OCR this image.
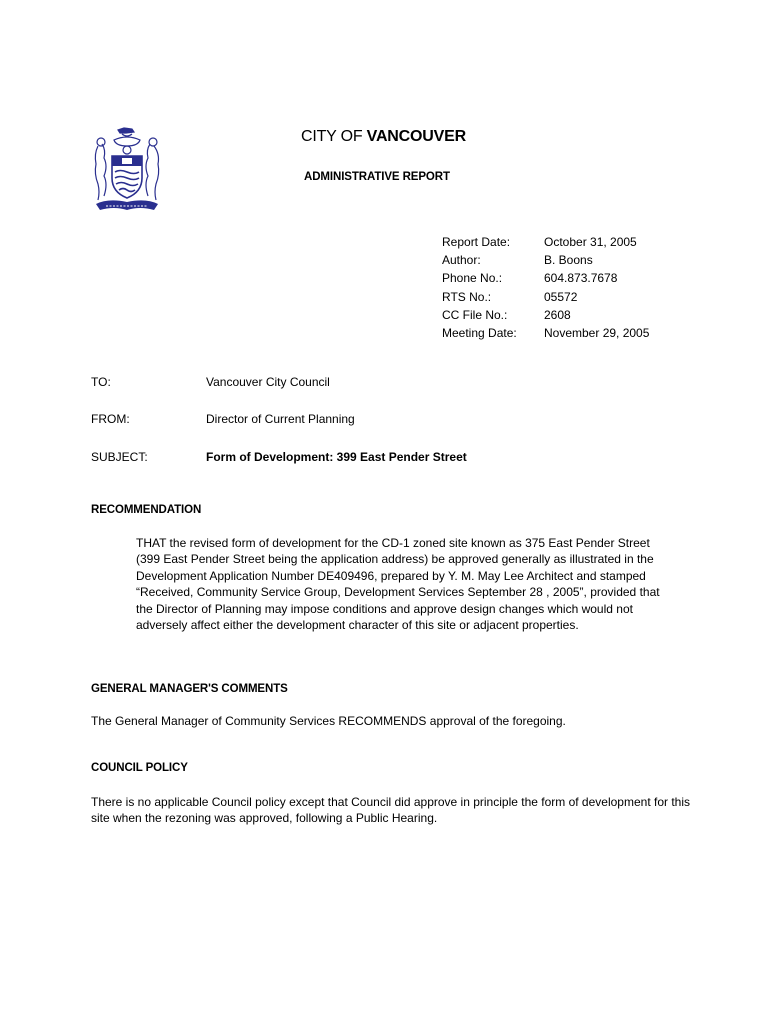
CITY OF VANCOUVER
ADMINISTRATIVE REPORT
Report Date:	October 31, 2005
Author:	B. Boons
Phone No.:	604.873.7678
RTS No.:	05572
CC File No.:	2608
Meeting Date:	November 29, 2005
TO:	Vancouver City Council
FROM:	Director of Current Planning
SUBJECT:	Form of Development: 399 East Pender Street
RECOMMENDATION
THAT the revised form of development for the CD-1 zoned site known as 375 East Pender Street (399 East Pender Street being the application address) be approved generally as illustrated in the Development Application Number DE409496, prepared by Y. M. May Lee Architect and stamped “Received, Community Service Group, Development Services September 28 , 2005”, provided that the Director of Planning may impose conditions and approve design changes which would not adversely affect either the development character of this site or adjacent properties.
GENERAL MANAGER'S COMMENTS
The General Manager of Community Services RECOMMENDS approval of the foregoing.
COUNCIL POLICY
There is no applicable Council policy except that Council did approve in principle the form of development for this site when the rezoning was approved, following a Public Hearing.
